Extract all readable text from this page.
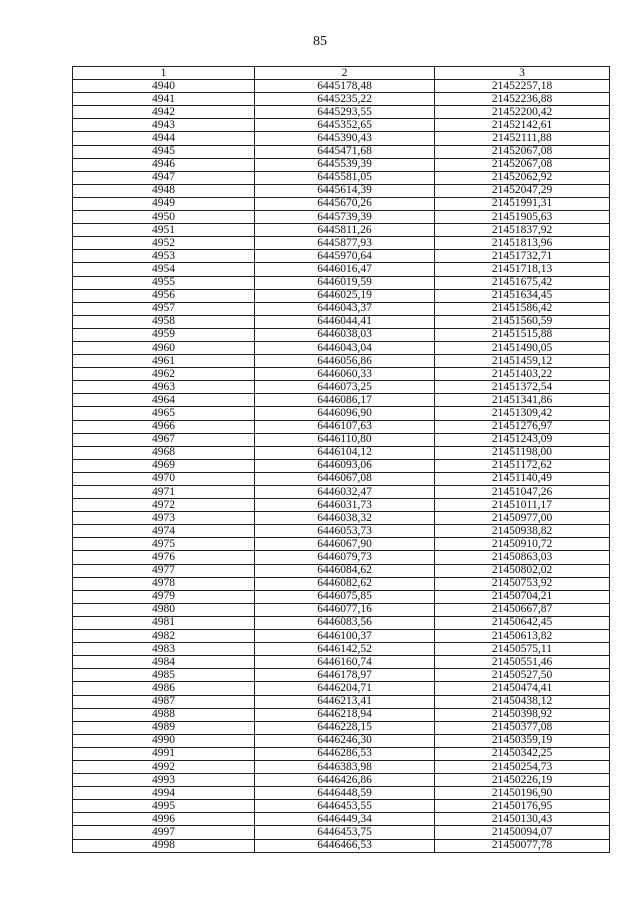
85
1	2	3
4940	6445178,48	21452257,18
4941	6445235,22	21452236,88
4942	6445293,55	21452200,42
4943	6445352,65	21452142,61
4944	6445390,43	21452111,88
4945	6445471,68	21452067,08
4946	6445539,39	21452067,08
4947	6445581,05	21452062,92
4948	6445614,39	21452047,29
4949	6445670,26	21451991,31
4950	6445739,39	21451905,63
4951	6445811,26	21451837,92
4952	6445877,93	21451813,96
4953	6445970,64	21451732,71
4954	6446016,47	21451718,13
4955	6446019,59	21451675,42
4956	6446025,19	21451634,45
4957	6446043,37	21451586,42
4958	6446044,41	21451560,59
4959	6446038,03	21451515,88
4960	6446043,04	21451490,05
4961	6446056,86	21451459,12
4962	6446060,33	21451403,22
4963	6446073,25	21451372,54
4964	6446086,17	21451341,86
4965	6446096,90	21451309,42
4966	6446107,63	21451276,97
4967	6446110,80	21451243,09
4968	6446104,12	21451198,00
4969	6446093,06	21451172,62
4970	6446067,08	21451140,49
4971	6446032,47	21451047,26
4972	6446031,73	21451011,17
4973	6446038,32	21450977,00
4974	6446053,73	21450938,82
4975	6446067,90	21450910,72
4976	6446079,73	21450863,03
4977	6446084,62	21450802,02
4978	6446082,62	21450753,92
4979	6446075,85	21450704,21
4980	6446077,16	21450667,87
4981	6446083,56	21450642,45
4982	6446100,37	21450613,82
4983	6446142,52	21450575,11
4984	6446160,74	21450551,46
4985	6446178,97	21450527,50
4986	6446204,71	21450474,41
4987	6446213,41	21450438,12
4988	6446218,94	21450398,92
4989	6446228,15	21450377,08
4990	6446246,30	21450359,19
4991	6446286,53	21450342,25
4992	6446383,98	21450254,73
4993	6446426,86	21450226,19
4994	6446448,59	21450196,90
4995	6446453,55	21450176,95
4996	6446449,34	21450130,43
4997	6446453,75	21450094,07
4998	6446466,53	21450077,78
